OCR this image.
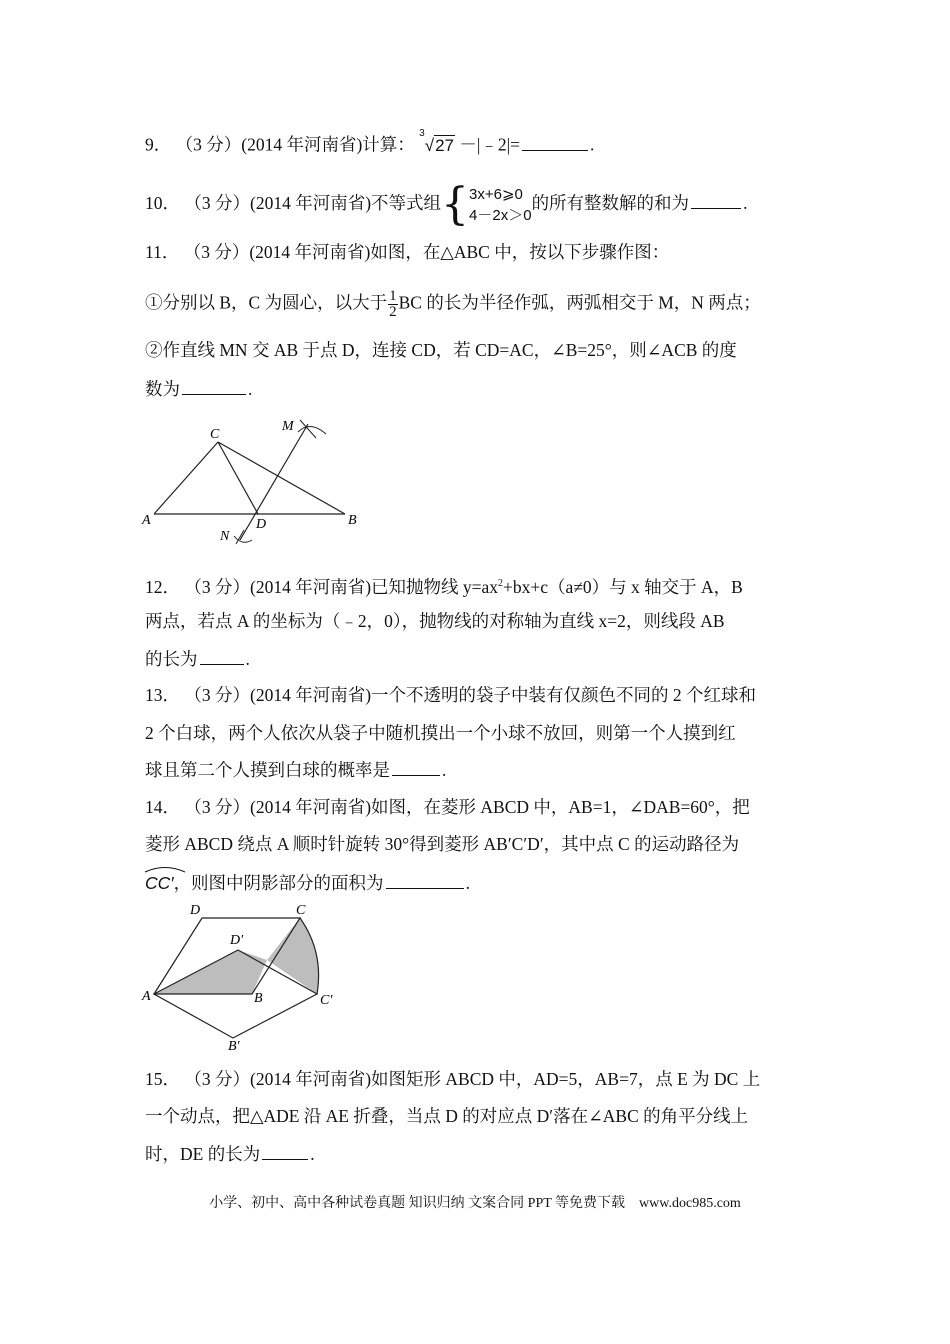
9． （3 分）(2014 年河南省)计算： $^3$√27 －|﹣2|=	.
10． （3 分）(2014 年河南省)不等式组{ 3x+6⩾0
4－2x＞0
的所有整数解的和为	.
11． （3 分）(2014 年河南省)如图，在△ABC 中，按以下步骤作图：
①分别以 B，C 为圆心，以大于 $\frac{1}{2}$ BC 的长为半径作弧，两弧相交于 M，N 两点；
②作直线 MN 交 AB 于点 D，连接 CD，若 CD=AC，∠B=25°，则∠ACB 的度
数为	.
A	B
C
D
M
N
12． （3 分）(2014 年河南省)已知抛物线 $y=ax^2+bx+c(a\ne 0)$与 x 轴交于 A，B
两点，若点 A 的坐标为（﹣2，0），抛物线的对称轴为直线 x=2，则线段 AB
的长为	.
13． （3 分）(2014 年河南省)一个不透明的袋子中装有仅颜色不同的 2 个红球和
2 个白球，两个人依次从袋子中随机摸出一个小球不放回，则第一个人摸到红
球且第二个人摸到白球的概率是	.
14． （3 分）(2014 年河南省)如图，在菱形 ABCD 中，AB=1，∠DAB=60°，把
菱形 ABCD 绕点 A 顺时针旋转 30°得到菱形 AB′C′D′，其中点 C 的运动路径为
CC′，则图中阴影部分的面积为	.
A	B
C
D
B′
C′
D′
15． （3 分）(2014 年河南省)如图矩形 ABCD 中，AD=5，AB=7，点 E 为 DC 上
一个动点，把△ADE 沿 AE 折叠，当点 D 的对应点 D′落在∠ABC 的角平分线上
时，DE 的长为	.
小学、初中、高中各种试卷真题 知识归纳 文案合同 PPT 等免费下载　www.doc985.com
